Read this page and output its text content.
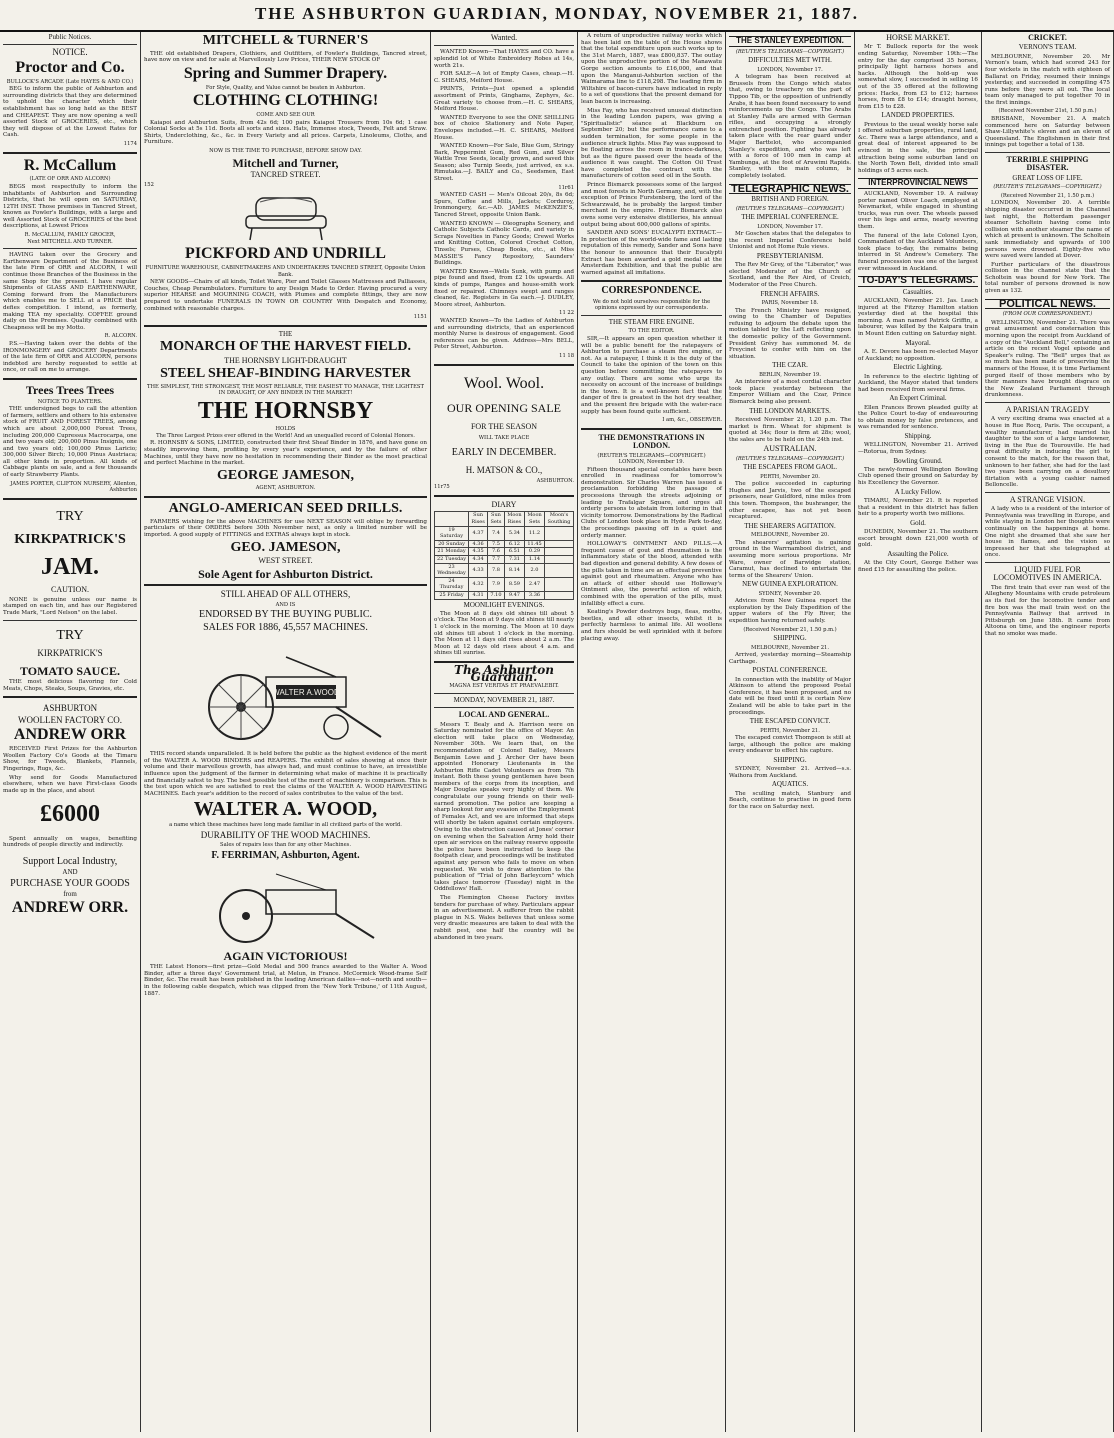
THE ASHBURTON GUARDIAN, MONDAY, NOVEMBER 21, 1887.
Public Notices.
NOTICE.
Proctor and Co.
BULLOCK'S ARCADE (Late HAYES & AND CO.)
BEG to inform the public of Ashburton and surrounding districts that they are determined to uphold the character which their establishment has so long held as the BEST and CHEAPEST. They are now opening a well assorted Stock of GROCERIES, etc., which they will dispose of at the Lowest Rates for Cash.
1174
R. McCallum
(LATE OF ORR AND ALCORN)
BEGS most respectfully to inform the inhabitants of Ashburton and Surrounding Districts, that he will open on SATURDAY, 12TH INST. Those premises in Tancred Street, known as Fowler's Buildings, with a large and well Assorted Stock of GROCERIES of the best descriptions, at Lowest Prices
R. McCALLUM, FAMILY GROCER,
Next MITCHELL AND TURNER.
HAVING taken over the Grocery and Earthenware Department of the Business of the late Firm of ORR and ALCORN, I will continue those Branches of the Business in the same Shop for the present. I have regular Shipments of GLASS AND EARTHENWARE, Coming forward from the Manufacturers which enables me to SELL at a PRICE that defies competition. I intend, as formerly, making TEA my speciality. COFFEE ground daily on the Premises. Quality combined with Cheapness will be my Motto.
R. ALCORN.
P.S.—Having taken over the debts of the IRONMONGERY and GROCERY Departments of the late firm of ORR and ALCORN, persons indebted are hereby requested to settle at once, or call on me to arrange.
Trees Trees Trees
NOTICE TO PLANTERS.
THE undersigned begs to call the attention of farmers, settlers and others to his extensive stock of FRUIT AND FOREST TREES, among which are about 2,000,000 Forest Trees, including 200,000 Cupressus Macrocarpa, one and two years old; 200,000 Pinus Insignis, one and two years old; 100,000 Pinus Laricio; 300,000 Silver Birch; 10,000 Pinus Austriaca; all other kinds in proportion. All kinds of Cabbage plants on sale, and a few thousands of early Strawberry Plants.
JAMES PORTER, CLIFTON NURSERY, Allenton, Ashburton
TRY
KIRKPATRICK'S
JAM.
CAUTION.
NONE is genuine unless our name is stamped on each tin, and has our Registered Trade Mark, "Lord Nelson" on the label.
TRY
KIRKPATRICK'S
TOMATO SAUCE.
THE most delicious flavoring for Cold Meats, Chops, Steaks, Soups, Gravies, etc.
ASHBURTON
WOOLLEN FACTORY CO.
ANDREW ORR
RECEIVED First Prizes for the Ashburton Woollen Factory Co's Goods at the Timaru Show, for Tweeds, Blankets, Flannels, Fingerings, Rugs, &c.
Why send for Goods Manufactured elsewhere, when we have First-class Goods made up in the place, and about
£6000
Spent annually on wages, benefiting hundreds of people directly and indirectly.
Support Local Industry,
AND
PURCHASE YOUR GOODS
from
ANDREW ORR.
MITCHELL & TURNER'S
THE old established Drapers, Clothiers, and Outfitters, of Fowler's Buildings, Tancred street, have now on view and for sale at Marvellously Low Prices, THEIR NEW STOCK OF
Spring and Summer Drapery.
For Style, Quality, and Value cannot be beaten in Ashburton.
CLOTHING CLOTHING!
COME AND SEE OUR
Kaiapoi and Ashburton Suits, from 42s 6d; 100 pairs Kaiapoi Trousers from 10s 6d; 1 case Colonial Socks at 5s 11d. Boots all sorts and sizes. Hats, Immense stock, Tweeds, Felt and Straw. Shirts, Underclothing, &c., &c. in Every Variety and all prices. Carpets, Linoleums, Cloths, and Furniture.
NOW IS THE TIME TO PURCHASE, BEFORE SHOW DAY.
Mitchell and Turner,
TANCRED STREET.
152
PICKFORD AND UNDRILL
FURNITURE WAREHOUSE, CABINETMAKERS AND UNDERTAKERS TANCRED STREET, Opposite Union Bank.
NEW GOODS—Chairs of all kinds, Toilet Ware, Pier and Toilet Glasses Mattresses and Palliasses, Couches, Cheap Perambulators. Furniture to any Design Made to Order. Having procured a very superior HEARSE and MOURNING COACH, with Plumes and complete fittings, they are now prepared to undertake FUNERALS IN TOWN OR COUNTRY With Despatch and Economy, combined with reasonable charges.
1151
THE
MONARCH OF THE HARVEST FIELD.
THE HORNSBY LIGHT-DRAUGHT
STEEL SHEAF-BINDING HARVESTER
THE SIMPLEST, THE STRONGEST, THE MOST RELIABLE, THE EASIEST TO MANAGE, THE LIGHTEST IN DRAUGHT, OF ANY BINDER IN THE MARKET!
THE HORNSBY
HOLDS
The Three Largest Prizes ever offered in the World! And an unequalled record of Colonial Honors.
R. HORNSBY & SONS, LIMITED, constructed their first Sheaf Binder in 1876, and have gone on steadily improving them, profiting by every year's experience, and by the failure of other Machines, until they have now no hesitation in recommending their Binder as the most practical and perfect Machine in the market.
GEORGE JAMESON,
AGENT, ASHBURTON.
ANGLO-AMERICAN SEED DRILLS.
FARMERS wishing for the above MACHINES for use NEXT SEASON will oblige by forwarding particulars of their ORDERS before 30th November next, as only a limited number will be imported. A good supply of FITTINGS and EXTRAS always kept in stock.
GEO. JAMESON,
WEST STREET.
Sole Agent for Ashburton District.
STILL AHEAD OF ALL OTHERS,
AND IS
ENDORSED BY THE BUYING PUBLIC.
SALES FOR 1886, 45,557 MACHINES.
WALTER A.WOOD
THIS record stands unparalleled. It is held before the public as the highest evidence of the merit of the WALTER A. WOOD BINDERS and REAPERS. The exhibit of sales showing at once their volume and their marvellous growth, has always had, and must continue to have, an irresistible influence upon the judgment of the farmer in determining what make of machine it is practically and financially safest to buy. The best possible test of the merit of machinery is comparison. This is the test upon which we are satisfied to rest the claims of the WALTER A. WOOD HARVESTING MACHINES. Each year's addition to the record of sales contributes to the value of the test.
WALTER A. WOOD,
a name which these machines have long made familiar in all civilized parts of the world.
DURABILITY OF THE WOOD MACHINES.
Sales of repairs less than for any other Machines.
F. FERRIMAN, Ashburton, Agent.
AGAIN VICTORIOUS!
THE Latest Honors—first prize—Gold Medal and 500 francs awarded to the Walter A. Wood Binder, after a three days' Government trial, at Melun, in France. McCormick Wood-frame Self Binder, &c. The result has been published in the leading American dailies—not—north and south—in the following cable despatch, which was clipped from the 'New York Tribune,' of 11th August, 1887.
Wanted.
WANTED Known—That HAYES and CO. have a splendid lot of White Embroidery Robes at 14s, worth 21s.
FOR SALE—A lot of Empty Cases, cheap.—H. C. SHEARS, Melford House.
PRINTS, Prints—Just opened a splendid assortment of Prints, Ginghams, Zephyrs, &c. Great variety to choose from.—H. C. SHEARS, Melford House.
WANTED Everyone to see the ONE SHILLING box of choice Stationery and Note Paper, Envelopes included.—H. C. SHEARS, Melford House.
WANTED Known—For Sale, Blue Gum, Stringy Bark, Peppermint Gum, Red Gum, and Silver Wattle Tree Seeds, locally grown, and saved this Season; also Turnip Seeds, just arrived, ex s.s. Rimutaka.—J. BAILY and Co., Seedsmen, East Street.
11r61
WANTED CASH — Men's Oilcoat 20/s, 8s 6d; Spurs, Coffee and Mills, Jackets; Corduroy, Ironmongery, &c.—AD. JAMES McKENZIE'S, Tancred Street, opposite Union Bank.
WANTED KNOWN — Oleographs Scenery, and Catholic Subjects Catholic Cards, and variety in Scraps Novelties in Fancy Goods; Crewel Works and Knitting Cotton, Colored Crochet Cotton, Tinsels; Purses, Cheap Books, etc., at Miss MASSIE'S Fancy Repository, Saunders' Buildings.
WANTED Known—Wells Sunk, with pump and pipe found and fixed, from £2 10s upwards. All kinds of pumps, Ranges and house-smith work fixed or repaired. Chimneys swept and ranges cleaned, &c. Registers in Ga each.—J. DUDLEY, Moore street, Ashburton.
11 22
WANTED Known—To the Ladies of Ashburton and surrounding districts, that an experienced monthly Nurse is desirous of engagement. Good references can be given. Address—Mrs BELL, Peter Street, Ashburton.
11 18
Wool. Wool.
OUR OPENING SALE
FOR THE SEASON
WILL TAKE PLACE
EARLY IN DECEMBER.
H. MATSON & CO.,
ASHBURTON.
11r75
DIARY
	Sun Rises	Sun Sets	Moon Rises	Moon Sets	Moon's Southing
19 Saturday	4.37	7.4	5.34	11.2	
20 Sunday	4.36	7.5	6.12	11.45	
21 Monday	4.35	7.6	6.51	0.29	
22 Tuesday	4.34	7.7	7.31	1.14	
23 Wednesday	4.33	7.8	8.14	2.0	
24 Thursday	4.32	7.9	8.59	2.47	
25 Friday	4.31	7.10	9.47	3.36	
MOONLIGHT EVENINGS.
The Moon at 8 days old shines till about 5 o'clock. The Moon at 9 days old shines till nearly 1 o'clock in the morning. The Moon at 10 days old shines till about 1 o'clock in the morning. The Moon at 11 days old rises about 2 a.m. The Moon at 12 days old rises about 4 a.m. and shines till sunrise.
The Ashburton Guardian.
MAGNA EST VERITAS ET PRAEVALEBIT.
MONDAY, NOVEMBER 21, 1887.
LOCAL AND GENERAL.
Messrs T. Bealy and A. Harrison were on Saturday nominated for the office of Mayor. An election will take place on Wednesday, November 30th. We learn that, on the recommendation of Colonel Bailey, Messrs Benjamin Lowe and J. Archer Orr have been appointed Honorary Lieutenants in the Ashburton Rifle Cadet Volunteers as from 7th instant. Both these young gentlemen have been members of the corps from its inception, and Major Douglas speaks very highly of them. We congratulate our young friends on their well-earned promotion. The police are keeping a sharp lookout for any evasion of the Employment of Females Act, and we are informed that steps will shortly be taken against certain employers. Owing to the obstruction caused at Jones' corner on evening when the Salvation Army hold their open air services on the railway reserve opposite the police have been instructed to keep the footpath clear, and proceedings will be instituted against any person who fails to move on when requested. We wish to draw attention to the publication of "Trial of John Barleycorn" which takes place tomorrow (Tuesday) night in the Oddfellows' Hall.
The Flemington Cheese Factory invites tenders for purchase of whey. Particulars appear in an advertisement. A sufferer from the rabbit plague in N.S. Wales believes that unless some very drastic measures are taken to deal with the rabbit pest, one half the country will be abandoned in two years.
A return of unproductive railway works which has been laid on the table of the House shows that the total expenditure upon such works up to the 31st March, 1887, was £800,837. The outlay upon the unproductive portion of the Manawatu Gorge section amounts to £16,000, and that upon the Manganui-Ashburton section of the Waimarama line to £118,298. The leading firm in Wiltshire of bacon-curers have indicated in reply to a set of questions that the present demand for lean bacon is increasing.
Miss Fay, who has received unusual distinction in the leading London papers, was giving a "Spiritualistic" séance at Blackburn on September 20; but the performance came to a sudden termination, for some people in the audience struck lights. Miss Fay was supposed to be floating across the room in trance-darkness, but as the figure passed over the heads of the audience it was caught. The Cotton Oil Trust have completed the contract with the manufacturers of cotton seed oil in the South.
Prince Bismarck possesses some of the largest and most forests in North Germany, and, with the exception of Prince Furstenberg, the lord of the Schwarzwald, he is probably the largest timber merchant in the empire. Prince Bismarck also owns some very extensive distilleries, his annual output being about 600,000 gallons of spirits.
SANDER AND SONS' EUCALYPTI EXTRACT.—In protection of the world-wide fame and lasting reputation of this remedy, Sander and Sons have the honour to announce that their Eucalypti Extract has been awarded a gold medal at the Amsterdam Exhibition, and that the public are warned against all imitations.
CORRESPONDENCE.
We do not hold ourselves responsible for the opinions expressed by our correspondents.
THE STEAM FIRE ENGINE.
TO THE EDITOR.
SIR,—It appears an open question whether it will be a public benefit for the ratepayers of Ashburton to purchase a steam fire engine, or not. As a ratepayer, I think it is the duty of the Council to take the opinion of the town on this question before committing the ratepayers to any outlay. There are some who urge its necessity on account of the increase of buildings in the town. It is a well-known fact that the danger of fire is greatest in the hot dry weather, and the present fire brigade with the water-race supply has been found quite sufficient.
I am, &c., OBSERVER.
THE DEMONSTRATIONS IN LONDON.
(REUTER'S TELEGRAMS—COPYRIGHT.)
LONDON, November 19.
Fifteen thousand special constables have been enrolled in readiness for tomorrow's demonstration. Sir Charles Warren has issued a proclamation forbidding the passage of processions through the streets adjoining or leading to Trafalgar Square, and urges all orderly persons to abstain from loitering in that vicinity tomorrow. Demonstrations by the Radical Clubs of London took place in Hyde Park to-day, the proceedings passing off in a quiet and orderly manner.
HOLLOWAY'S OINTMENT AND PILLS.—A frequent cause of gout and rheumatism is the inflammatory state of the blood, attended with bad digestion and general debility. A few doses of the pills taken in time are an effectual preventive against gout and rheumatism. Anyone who has an attack of either should use Holloway's Ointment also, the powerful action of which, combined with the operation of the pills, must infallibly effect a cure.
Keating's Powder destroys bugs, fleas, moths, beetles, and all other insects, whilst it is perfectly harmless to animal life. All woollens and furs should be well sprinkled with it before placing away.
THE STANLEY EXPEDITION.
(REUTER'S TELEGRAMS—COPYRIGHT.)
DIFFICULTIES MET WITH.
LONDON, November 17.
A telegram has been received at Brussels from the Congo which states that, owing to treachery on the part of Tippoo Tib, or the opposition of unfriendly Arabs, it has been found necessary to send reinforcements up the Congo. The Arabs at Stanley Falls are armed with German rifles, and occupying a strongly entrenched position. Fighting has already taken place with the rear guard under Major Barttelot, who accompanied Stanley's expedition, and who was left with a force of 100 men in camp at Yambunga, at the foot of Aruwimi Rapids. Stanley, with the main column, is completely isolated.
TELEGRAPHIC NEWS.
BRITISH AND FOREIGN.
(REUTER'S TELEGRAMS—COPYRIGHT.)
THE IMPERIAL CONFERENCE.
LONDON, November 17.
Mr Goschen states that the delegates to the recent Imperial Conference held Unionist and not Home Rule views.
PRESBYTERIANISM.
The Rev Mr Grey, of the "Liberator," was elected Moderator of the Church of Scotland, and the Rev Aird, of Creich, Moderator of the Free Church.
FRENCH AFFAIRS.
PARIS, November 18.
The French Ministry have resigned, owing to the Chamber of Deputies refusing to adjourn the debate upon the motion tabled by the Left reflecting upon the domestic policy of the Government. President Grévy has summoned M. de Freycinet to confer with him on the situation.
THE CZAR.
BERLIN, November 19.
An interview of a most cordial character took place yesterday between the Emperor William and the Czar, Prince Bismarck being also present.
THE LONDON MARKETS.
Received November 21, 1.20 p.m. The market is firm. Wheat for shipment is quoted at 34s; flour is firm at 28s; wool, the sales are to be held on the 24th inst.
AUSTRALIAN.
(REUTER'S TELEGRAMS—COPYRIGHT.)
THE ESCAPEES FROM GAOL.
PERTH, November 20.
The police succeeded in capturing Hughes and Jarvis, two of the escaped prisoners, near Guildford, nine miles from this town. Thompson, the bushranger, the other escapee, has not yet been recaptured.
THE SHEARERS AGITATION.
MELBOURNE, November 20.
The shearers' agitation is gaining ground in the Warrnambool district, and assuming more serious proportions. Mr Ware, owner of Barwidge station, Caramut, has declined to entertain the terms of the Shearers' Union.
NEW GUINEA EXPLORATION.
SYDNEY, November 20.
Advices from New Guinea report the exploration by the Daly Expedition of the upper waters of the Fly River, the expedition having returned safely.
(Received November 21, 1.50 p.m.)
SHIPPING.
MELBOURNE, November 21.
Arrived, yesterday morning—Steamship Carthage.
POSTAL CONFERENCE.
In connection with the inability of Major Atkinson to attend the proposed Postal Conference, it has been proposed, and no date will be fixed until it is certain New Zealand will be able to take part in the proceedings.
THE ESCAPED CONVICT.
PERTH, November 21.
The escaped convict Thompson is still at large, although the police are making every endeavor to effect his capture.
SHIPPING.
SYDNEY, November 21. Arrived—s.s. Waihora from Auckland.
AQUATICS.
The sculling match, Stanbury and Beach, continue to practise in good form for the race on Saturday next.
HORSE MARKET.
Mr T. Bullock reports for the week ending Saturday, November 19th:—The entry for the day comprised 35 horses, principally light harness horses and hacks. Although the hold-up was somewhat slow, I succeeded in selling 16 out of the 35 offered at the following prices: Hacks, from £3 to £12; harness horses, from £8 to £14; draught horses, from £15 to £28.
LANDED PROPERTIES.
Previous to the usual weekly horse sale I offered suburban properties, rural land, &c. There was a large attendance, and a great deal of interest appeared to be evinced in the sale, the principal attraction being some suburban land on the North Town Belt, divided into small holdings of 5 acres each.
INTERPROVINCIAL NEWS
AUCKLAND, November 19. A railway porter named Oliver Loach, employed at Newmarket, while engaged in shunting trucks, was run over. The wheels passed over his legs and arms, nearly severing them.
The funeral of the late Colonel Lyon, Commandant of the Auckland Volunteers, took place to-day, the remains being interred in St Andrew's Cemetery. The funeral procession was one of the largest ever witnessed in Auckland.
TO-DAY'S TELEGRAMS.
Casualties.
AUCKLAND, November 21. Jas. Leach injured at the Fitzroy Hamilton station yesterday died at the hospital this morning. A man named Patrick Griffin, a labourer, was killed by the Kaipara train in Mount Eden cutting on Saturday night.
Mayoral.
A. E. Devore has been re-elected Mayor of Auckland; no opposition.
Electric Lighting.
In reference to the electric lighting of Auckland, the Mayor stated that tenders had been received from several firms.
An Expert Criminal.
Ellen Frances Brown pleaded guilty at the Police Court to-day of endeavouring to obtain money by false pretences, and was remanded for sentence.
Shipping.
WELLINGTON, November 21. Arrived—Rotorua, from Sydney.
Bowling Ground.
The newly-formed Wellington Bowling Club opened their ground on Saturday by his Excellency the Governor.
A Lucky Fellow.
TIMARU, November 21. It is reported that a resident in this district has fallen heir to a property worth two millions.
Gold.
DUNEDIN, November 21. The southern escort brought down £21,000 worth of gold.
Assaulting the Police.
At the City Court, George Esther was fined £15 for assaulting the police.
CRICKET.
VERNON'S TEAM.
MELBOURNE, November 20. Mr Vernon's team, which had scored 243 for four wickets in the match with eighteen of Ballarat on Friday, resumed their innings yesterday, and succeeded in compiling 475 runs before they were all out. The local team only managed to put together 70 in the first innings.
(Received November 21st, 1.50 p.m.)
BRISBANE, November 21. A match commenced here on Saturday between Shaw-Lillywhite's eleven and an eleven of Queensland. The Englishmen in their first innings put together a total of 138.
TERRIBLE SHIPPING DISASTER.
GREAT LOSS OF LIFE.
(REUTER'S TELEGRAMS—COPYRIGHT.)
(Received November 21, 1.50 p.m.)
LONDON, November 20. A terrible shipping disaster occurred in the Channel last night, the Rotterdam passenger steamer Scholtein having come into collision with another steamer the name of which at present is unknown. The Scholtein sank immediately and upwards of 100 persons were drowned. Eighty-five who were saved were landed at Dover.
Further particulars of the disastrous collision in the channel state that the Scholtein was bound for New York. The total number of persons drowned is now given as 132.
POLITICAL NEWS.
(FROM OUR CORRESPONDENT.)
WELLINGTON, November 21. There was great amusement and consternation this morning upon the receipt from Auckland of a copy of the "Auckland Bell," containing an article on the recent Vogel episode and Speaker's ruling. The "Bell" urges that as so much has been made of preserving the manners of the House, it is time Parliament purged itself of those members who by their manners have brought disgrace on the New Zealand Parliament through drunkenness.
A PARISIAN TRAGEDY
A very exciting drama was enacted at a house in Rue Rocq, Paris. The occupant, a wealthy manufacturer, had married his daughter to the son of a large landowner, living in the Rue de Tourouville. He had great difficulty in inducing the girl to consent to the match, for the reason that, unknown to her father, she had for the last two years been carrying on a desultory flirtation with a young cashier named Belloncelle.
A STRANGE VISION.
A lady who is a resident of the interior of Pennsylvania was travelling in Europe, and while staying in London her thoughts were continually on the happenings at home. One night she dreamed that she saw her house in flames, and the vision so impressed her that she telegraphed at once.
LIQUID FUEL FOR LOCOMOTIVES IN AMERICA.
The first train that ever ran west of the Allegheny Mountains with crude petroleum as its fuel for the locomotive tender and fire box was the mail train west on the Pennsylvania Railway that arrived in Pittsburgh on June 18th. It came from Altoona on time, and the engineer reports that no smoke was made.
